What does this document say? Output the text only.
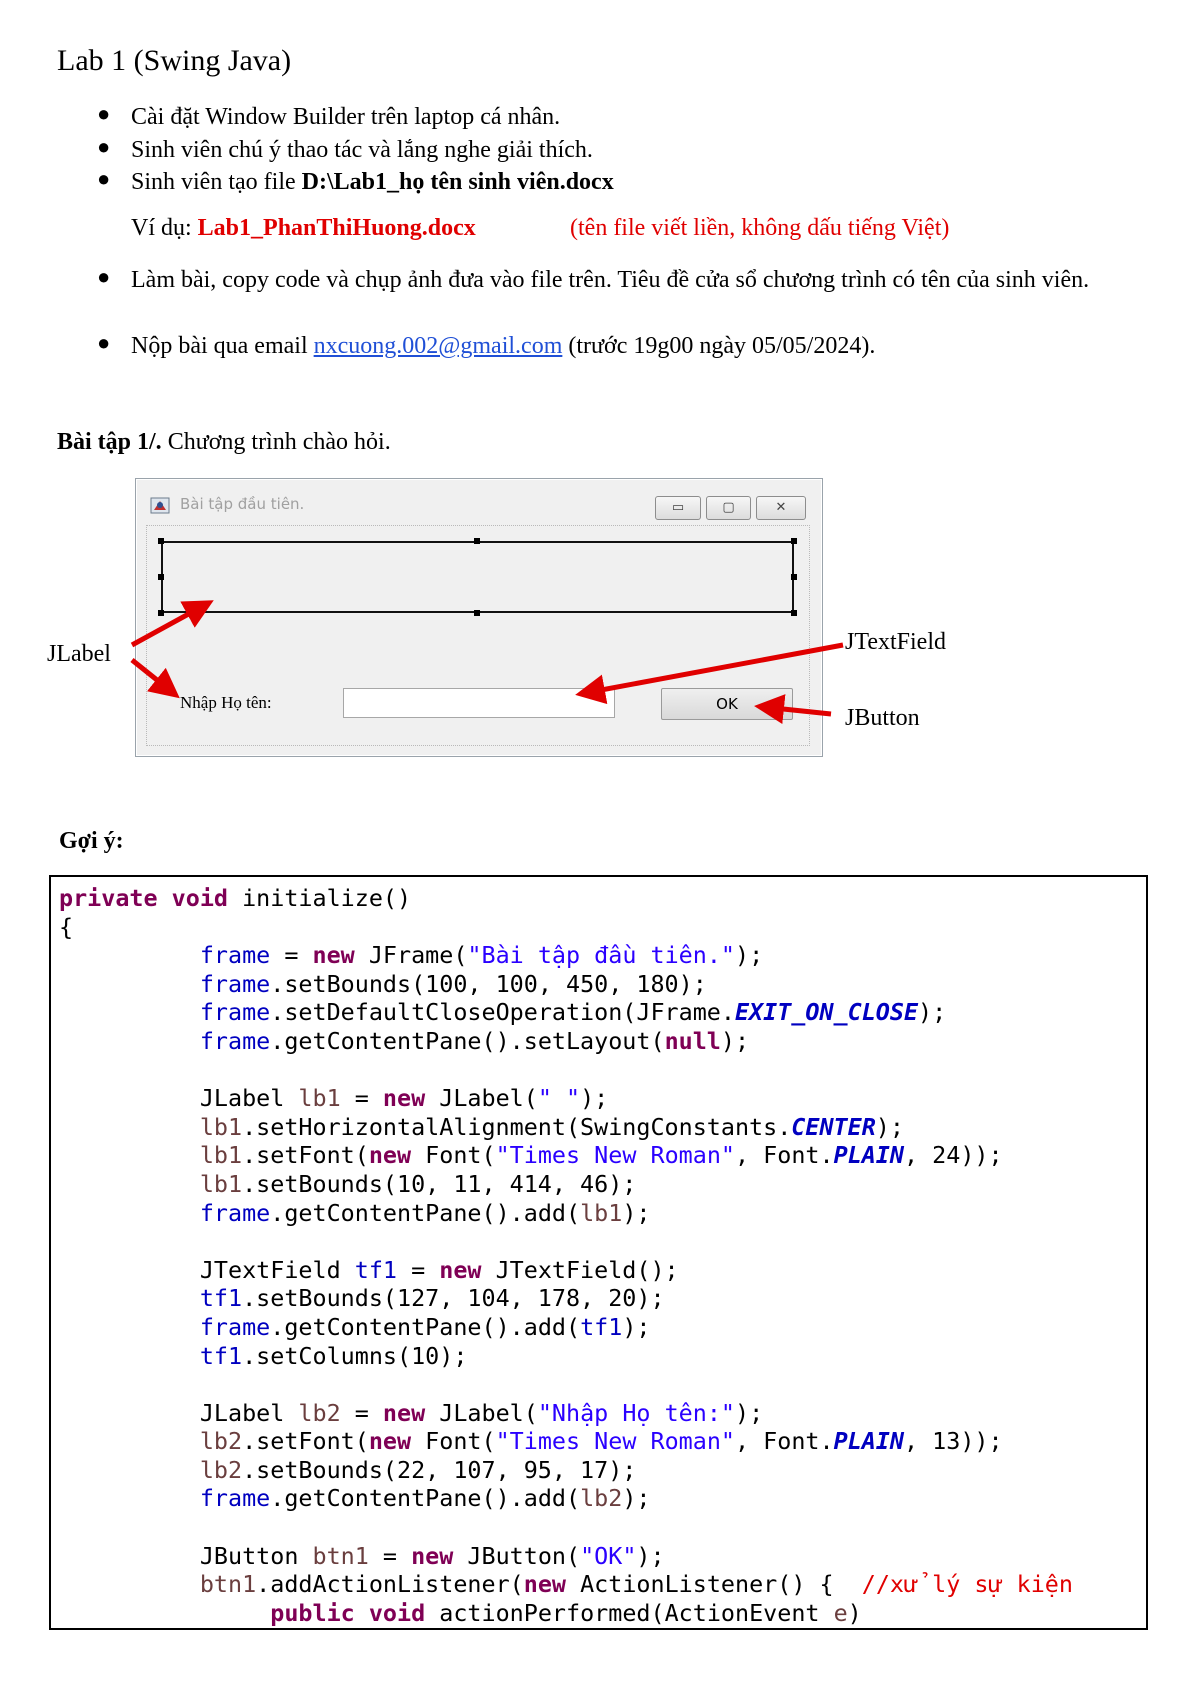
Lab 1 (Swing Java)
● Cài đặt Window Builder trên laptop cá nhân.
● Sinh viên chú ý thao tác và lắng nghe giải thích.
● Sinh viên tạo file D:\Lab1_họ tên sinh viên.docx
Ví dụ: Lab1_PhanThiHuong.docx	(tên file viết liền, không dấu tiếng Việt)
● Làm bài, copy code và chụp ảnh đưa vào file trên. Tiêu đề cửa sổ chương trình có tên của sinh viên.
● Nộp bài qua email nxcuong.002@gmail.com (trước 19g00 ngày 05/05/2024).
Bài tập 1/. Chương trình chào hỏi.
Bài tập đầu tiên.	▭	▢	✕
Nhập Họ tên:	OK
JLabel	JTextField
JButton
Gợi ý:
private void initialize()
{
frame = new JFrame("Bài tập đầu tiên.");
frame.setBounds(100, 100, 450, 180);
frame.setDefaultCloseOperation(JFrame.EXIT_ON_CLOSE);
frame.getContentPane().setLayout(null);

JLabel lb1 = new JLabel(" ");
lb1.setHorizontalAlignment(SwingConstants.CENTER);
lb1.setFont(new Font("Times New Roman", Font.PLAIN, 24));
lb1.setBounds(10, 11, 414, 46);
frame.getContentPane().add(lb1);

JTextField tf1 = new JTextField();
tf1.setBounds(127, 104, 178, 20);
frame.getContentPane().add(tf1);
tf1.setColumns(10);

JLabel lb2 = new JLabel("Nhập Họ tên:");
lb2.setFont(new Font("Times New Roman", Font.PLAIN, 13));
lb2.setBounds(22, 107, 95, 17);
frame.getContentPane().add(lb2);

JButton btn1 = new JButton("OK");
btn1.addActionListener(new ActionListener() {  //xử lý sự kiện
public void actionPerformed(ActionEvent e)
